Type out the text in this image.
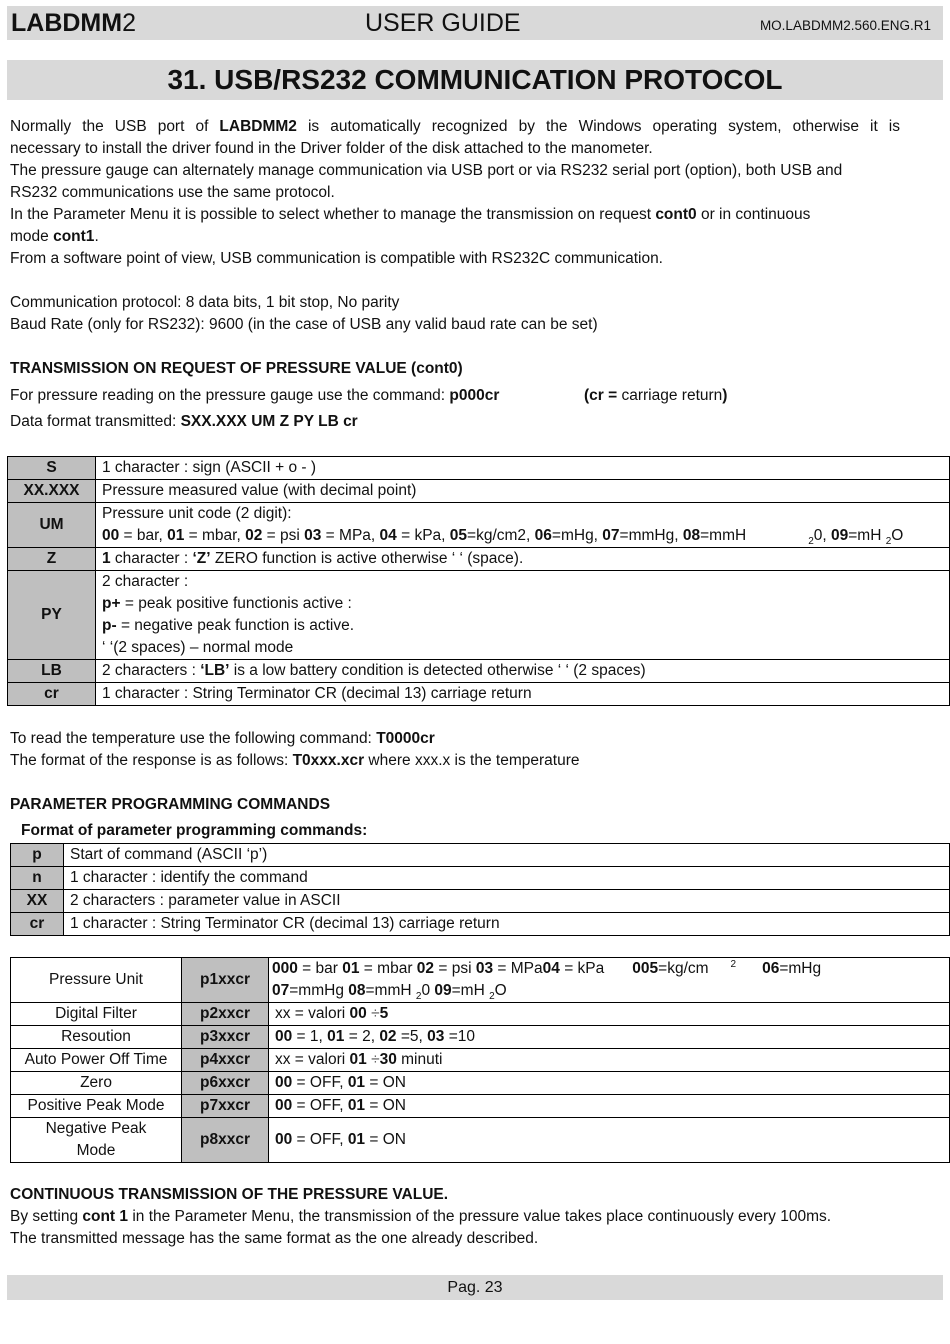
LABDMM2	USER GUIDE	MO.LABDMM2.560.ENG.R1
31. USB/RS232 COMMUNICATION PROTOCOL
Normally the USB port of LABDMM2 is automatically recognized by the Windows operating system, otherwise it is
necessary to install the driver found in the Driver folder of the disk attached to the manometer.
The pressure gauge can alternately manage communication via USB port or via RS232 serial port (option), both USB and
RS232 communications use the same protocol.
In the Parameter Menu it is possible to select whether to manage the transmission on request cont0 or in continuous
mode cont1.
From a software point of view, USB communication is compatible with RS232C communication.
Communication protocol: 8 data bits, 1 bit stop, No parity
Baud Rate (only for RS232): 9600 (in the case of USB any valid baud rate can be set)
TRANSMISSION ON REQUEST OF PRESSURE VALUE (cont0)
For pressure reading on the pressure gauge use the command: p000cr	(cr = carriage return)
Data format transmitted: SXX.XXX UM Z PY LB cr
S	1 character : sign (ASCII + o - )
XX.XXX	Pressure measured value (with decimal point)
UM	Pressure unit code (2 digit):
00 = bar, 01 = mbar, 02 = psi 03 = MPa, 04 = kPa, 05=kg/cm2, 06=mHg, 07=mmHg, 08=mmH $_2$0, 09=mH $_2$O

Z	1 character : ‘Z’ ZERO function is active otherwise ‘ ‘ (space).
PY	2 character :
p+ = peak positive functionis active :
p- = negative peak function is active.
‘ ‘(2 spaces) – normal mode

LB	2 characters : ‘LB’ is a low battery condition is detected otherwise ‘ ‘ (2 spaces)
cr	1 character : String Terminator CR (decimal 13) carriage return
To read the temperature use the following command: T0000cr
The format of the response is as follows: T0xxx.xcr where xxx.x is the temperature
PARAMETER PROGRAMMING COMMANDS
Format of parameter programming commands:
p	Start of command (ASCII ‘p’)
n	1 character : identify the command
XX	2 characters : parameter value in ASCII
cr	1 character : String Terminator CR (decimal 13) carriage return
Pressure Unit	p1xxcr	000 = bar 01 = mbar 02 = psi 03 = MPa04 = kPa 005=kg/cm $^2$ 06=mHg
07=mmHg 08=mmH $_2$0 09=mH $_2$O

Digital Filter	p2xxcr	xx = valori 00 ÷5
Resoution	p3xxcr	00 = 1, 01 = 2, 02 =5, 03 =10
Auto Power Off Time	p4xxcr	xx = valori 01 ÷30 minuti
Zero	p6xxcr	00 = OFF, 01 = ON
Positive Peak Mode	p7xxcr	00 = OFF, 01 = ON

Negative Peak
Mode	p8xxcr	00 = OFF, 01 = ON
CONTINUOUS TRANSMISSION OF THE PRESSURE VALUE.
By setting cont 1 in the Parameter Menu, the transmission of the pressure value takes place continuously every 100ms.
The transmitted message has the same format as the one already described.
Pag. 23
